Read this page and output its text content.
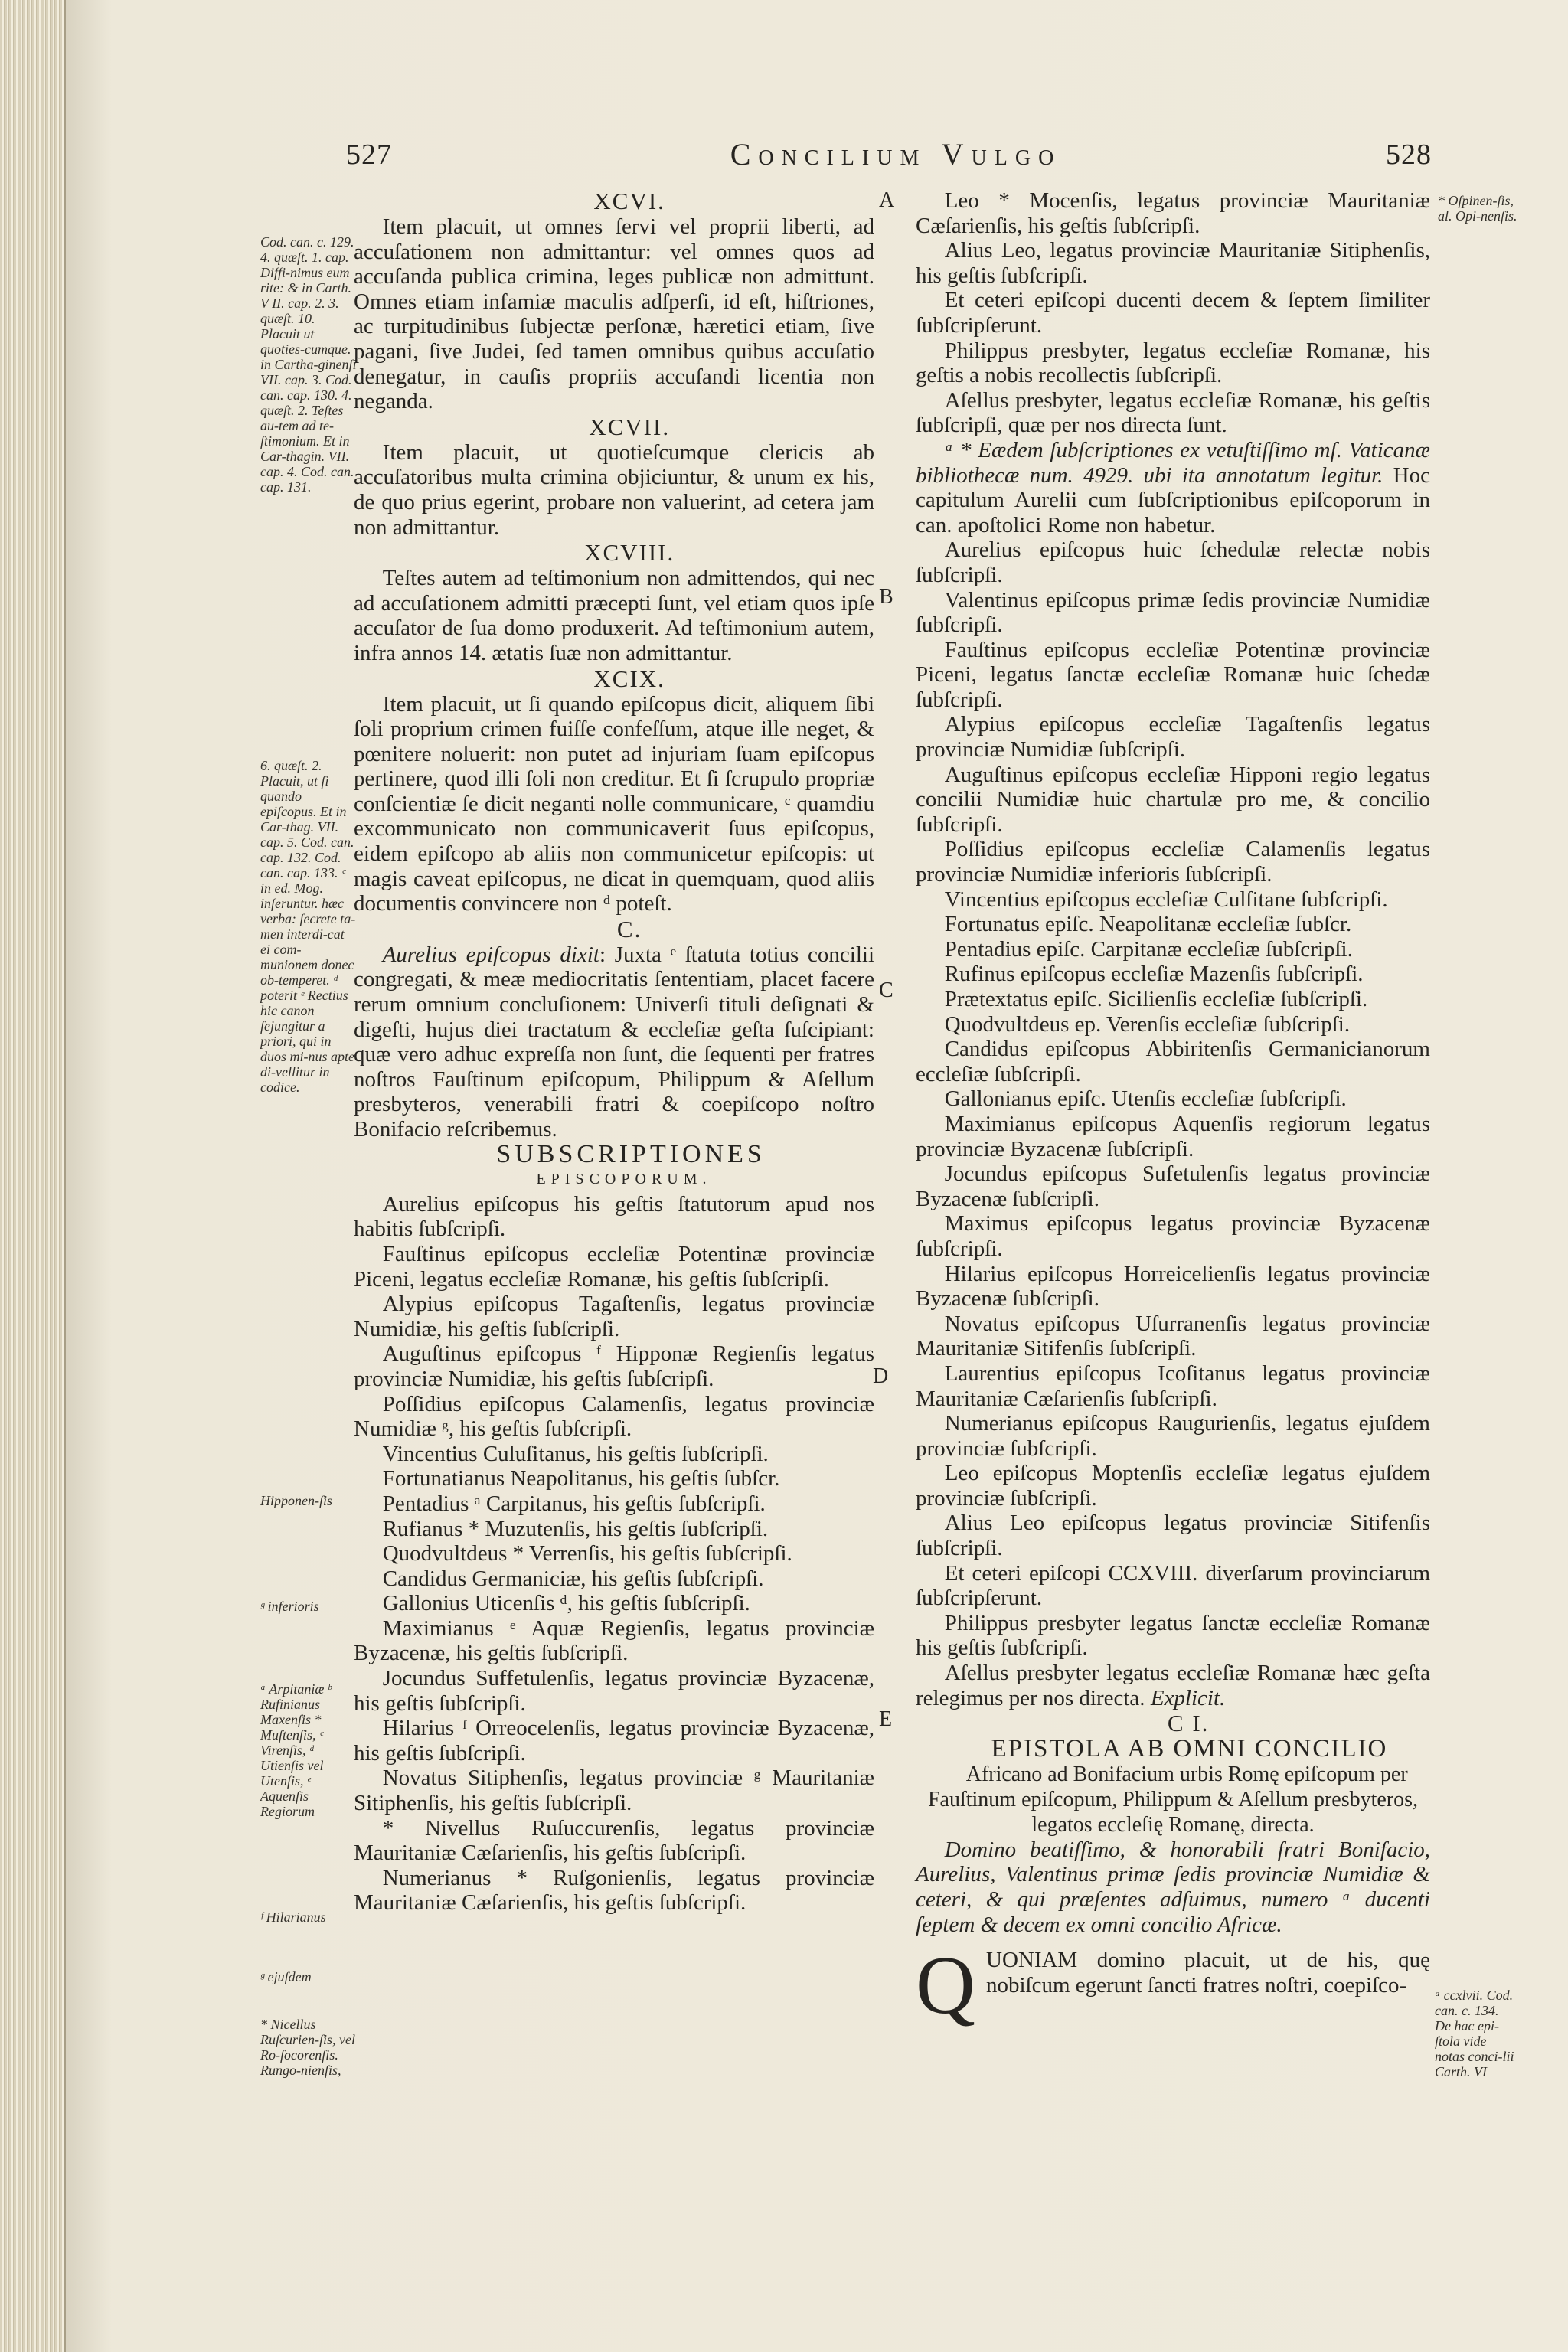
527	Concilium Vulgo	528
A
B
C
D
E
Cod. can. c. 129. 4. quæſt. 1. cap. Diffi-nimus eum rite: & in Carth. V II. cap. 2. 3. quæſt. 10. Placuit ut quoties-cumque. in Cartha-ginenſi VII. cap. 3. Cod. can. cap. 130. 4. quæſt. 2. Teſtes au-tem ad te-ſtimonium. Et in Car-thagin. VII. cap. 4. Cod. can. cap. 131.
6. quæſt. 2. Placuit, ut ſi quando epiſcopus. Et in Car-thag. VII. cap. 5. Cod. can. cap. 132. Cod. can. cap. 133. ᶜ in ed. Mog. inſeruntur. hæc verba: ſecrete ta-men interdi-cat ei com-munionem donec ob-temperet. ᵈ poterit ᵉ Rectius hic canon ſejungitur a priori, qui in duos mi-nus apte di-vellitur in codice.
Hipponen-ſis
ᵍ inferioris
ᵃ Arpitaniæ ᵇ Rufinianus Maxenſis * Muſtenſis, ᶜ Virenſis, ᵈ Utienſis vel Utenſis, ᵉ Aquenſis Regiorum
ᶠ Hilarianus
ᵍ ejuſdem
* Nicellus Ruſcurien-ſis, vel Ro-ſocorenſis. Rungo-nienſis,
* Oſpinen-ſis, al. Opi-nenſis.
ᵃ ccxlvii. Cod. can. c. 134. De hac epi-ſtola vide notas conci-lii Carth. VI

XCVI.

Item placuit, ut omnes ſervi vel proprii liberti, ad accuſationem non admittantur: vel omnes quos ad accuſanda publica crimina, leges publicæ non admittunt. Omnes etiam infamiæ maculis adſperſi, id eſt, hiſtriones, ac turpitudinibus ſubjectæ perſonæ, hæretici etiam, ſive pagani, ſive Judei, ſed tamen omnibus quibus accuſatio denegatur, in cauſis propriis accuſandi licentia non neganda.

XCVII.

Item placuit, ut quotieſcumque clericis ab accuſatoribus multa crimina objiciuntur, & unum ex his, de quo prius egerint, probare non valuerint, ad cetera jam non admittantur.

XCVIII.

Teſtes autem ad teſtimonium non admittendos, qui nec ad accuſationem admitti præcepti ſunt, vel etiam quos ipſe accuſator de ſua domo produxerit. Ad teſtimonium autem, infra annos 14. ætatis ſuæ non admittantur.

XCIX.

Item placuit, ut ſi quando epiſcopus dicit, aliquem ſibi ſoli proprium crimen fuiſſe confeſſum, atque ille neget, & pœnitere noluerit: non putet ad injuriam ſuam epiſcopus pertinere, quod illi ſoli non creditur. Et ſi ſcrupulo propriæ conſcientiæ ſe dicit neganti nolle communicare, ᶜ quamdiu excommunicato non communicaverit ſuus epiſcopus, eidem epiſcopo ab aliis non communicetur epiſcopis: ut magis caveat epiſcopus, ne dicat in quemquam, quod aliis documentis convincere non ᵈ poteſt.

C.

Aurelius epiſcopus dixit: Juxta ᵉ ſtatuta totius concilii congregati, & meæ mediocritatis ſententiam, placet facere rerum omnium concluſionem: Univerſi tituli deſignati & digeſti, hujus diei tractatum & eccleſiæ geſta ſuſcipiant: quæ vero adhuc expreſſa non ſunt, die ſequenti per fratres noſtros Fauſtinum epiſcopum, Philippum & Aſellum presbyteros, venerabili fratri & coepiſcopo noſtro Bonifacio reſcribemus.

SUBSCRIPTIONES

EPISCOPORUM.

Aurelius epiſcopus his geſtis ſtatutorum apud nos habitis ſubſcripſi.

Fauſtinus epiſcopus eccleſiæ Potentinæ provinciæ Piceni, legatus eccleſiæ Romanæ, his geſtis ſubſcripſi.

Alypius epiſcopus Tagaſtenſis, legatus provinciæ Numidiæ, his geſtis ſubſcripſi.

Auguſtinus epiſcopus ᶠ Hipponæ Regienſis legatus provinciæ Numidiæ, his geſtis ſubſcripſi.

Poſſidius epiſcopus Calamenſis, legatus provinciæ Numidiæ ᵍ, his geſtis ſubſcripſi.

Vincentius Culuſitanus, his geſtis ſubſcripſi.

Fortunatianus Neapolitanus, his geſtis ſubſcr.

Pentadius ᵃ Carpitanus, his geſtis ſubſcripſi.

Rufianus * Muzutenſis, his geſtis ſubſcripſi.

Quodvultdeus * Verrenſis, his geſtis ſubſcripſi.

Candidus Germaniciæ, his geſtis ſubſcripſi.

Gallonius Uticenſis ᵈ, his geſtis ſubſcripſi.

Maximianus ᵉ Aquæ Regienſis, legatus provinciæ Byzacenæ, his geſtis ſubſcripſi.

Jocundus Suffetulenſis, legatus provinciæ Byzacenæ, his geſtis ſubſcripſi.

Hilarius ᶠ Orreocelenſis, legatus provinciæ Byzacenæ, his geſtis ſubſcripſi.

Novatus Sitiphenſis, legatus provinciæ ᵍ Mauritaniæ Sitiphenſis, his geſtis ſubſcripſi.

* Nivellus Ruſuccurenſis, legatus provinciæ Mauritaniæ Cæſarienſis, his geſtis ſubſcripſi.

Numerianus * Ruſgonienſis, legatus provinciæ Mauritaniæ Cæſarienſis, his geſtis ſubſcripſi.

Leo * Mocenſis, legatus provinciæ Mauritaniæ Cæſarienſis, his geſtis ſubſcripſi.

Alius Leo, legatus provinciæ Mauritaniæ Sitiphenſis, his geſtis ſubſcripſi.

Et ceteri epiſcopi ducenti decem & ſeptem ſimiliter ſubſcripſerunt.

Philippus presbyter, legatus eccleſiæ Romanæ, his geſtis a nobis recollectis ſubſcripſi.

Aſellus presbyter, legatus eccleſiæ Romanæ, his geſtis ſubſcripſi, quæ per nos directa ſunt.

ᵃ * Eædem ſubſcriptiones ex vetuſtiſſimo mſ. Vaticanæ bibliothecæ num. 4929. ubi ita annotatum legitur. Hoc capitulum Aurelii cum ſubſcriptionibus epiſcoporum in can. apoſtolici Rome non habetur.

Aurelius epiſcopus huic ſchedulæ relectæ nobis ſubſcripſi.

Valentinus epiſcopus primæ ſedis provinciæ Numidiæ ſubſcripſi.

Fauſtinus epiſcopus eccleſiæ Potentinæ provinciæ Piceni, legatus ſanctæ eccleſiæ Romanæ huic ſchedæ ſubſcripſi.

Alypius epiſcopus eccleſiæ Tagaſtenſis legatus provinciæ Numidiæ ſubſcripſi.

Auguſtinus epiſcopus eccleſiæ Hipponi regio legatus concilii Numidiæ huic chartulæ pro me, & concilio ſubſcripſi.

Poſſidius epiſcopus eccleſiæ Calamenſis legatus provinciæ Numidiæ inferioris ſubſcripſi.

Vincentius epiſcopus eccleſiæ Culſitane ſubſcripſi.

Fortunatus epiſc. Neapolitanæ eccleſiæ ſubſcr.

Pentadius epiſc. Carpitanæ eccleſiæ ſubſcripſi.

Rufinus epiſcopus eccleſiæ Mazenſis ſubſcripſi.

Prætextatus epiſc. Sicilienſis eccleſiæ ſubſcripſi.

Quodvultdeus ep. Verenſis eccleſiæ ſubſcripſi.

Candidus epiſcopus Abbiritenſis Germanicianorum eccleſiæ ſubſcripſi.

Gallonianus epiſc. Utenſis eccleſiæ ſubſcripſi.

Maximianus epiſcopus Aquenſis regiorum legatus provinciæ Byzacenæ ſubſcripſi.

Jocundus epiſcopus Sufetulenſis legatus provinciæ Byzacenæ ſubſcripſi.

Maximus epiſcopus legatus provinciæ Byzacenæ ſubſcripſi.

Hilarius epiſcopus Horreicelienſis legatus provinciæ Byzacenæ ſubſcripſi.

Novatus epiſcopus Uſurranenſis legatus provinciæ Mauritaniæ Sitifenſis ſubſcripſi.

Laurentius epiſcopus Icoſitanus legatus provinciæ Mauritaniæ Cæſarienſis ſubſcripſi.

Numerianus epiſcopus Raugurienſis, legatus ejuſdem provinciæ ſubſcripſi.

Leo epiſcopus Moptenſis eccleſiæ legatus ejuſdem provinciæ ſubſcripſi.

Alius Leo epiſcopus legatus provinciæ Sitifenſis ſubſcripſi.

Et ceteri epiſcopi CCXVIII. diverſarum provinciarum ſubſcripſerunt.

Philippus presbyter legatus ſanctæ eccleſiæ Romanæ his geſtis ſubſcripſi.

Aſellus presbyter legatus eccleſiæ Romanæ hæc geſta relegimus per nos directa. Explicit.

C I.

EPISTOLA AB OMNI CONCILIO

Africano ad Bonifacium urbis Romę epiſcopum per Fauſtinum epiſcopum, Philippum & Aſellum presbyteros, legatos eccleſię Romanę, directa.

Domino beatiſſimo, & honorabili fratri Bonifacio, Aurelius, Valentinus primæ ſedis provinciæ Numidiæ & ceteri, & qui præſentes adſuimus, numero ᵃ ducenti ſeptem & decem ex omni concilio Africæ.

QUONIAM domino placuit, ut de his, quę nobiſcum egerunt ſancti fratres noſtri, coepiſco-
